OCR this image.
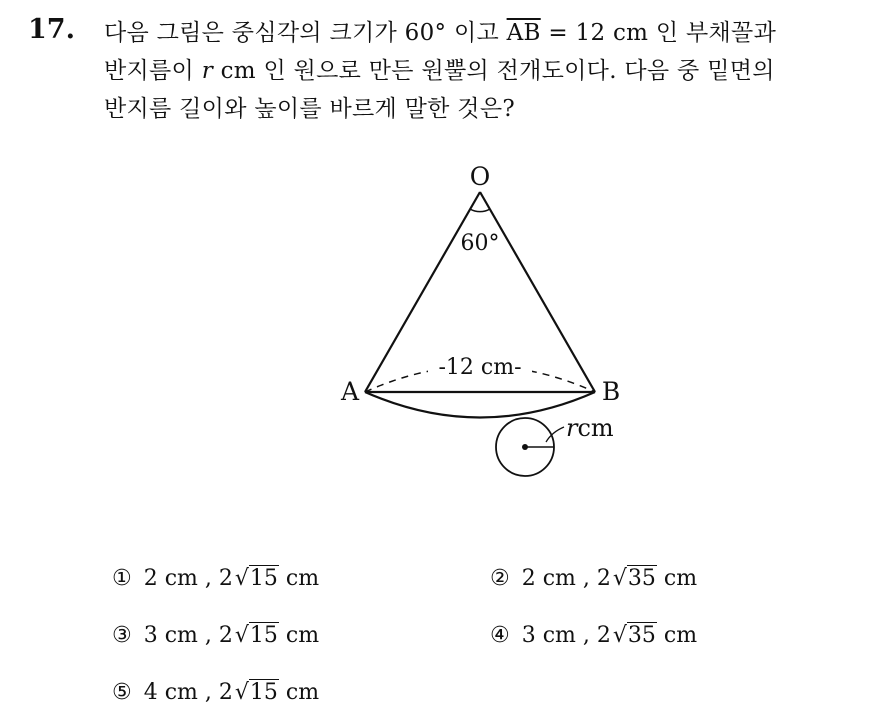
17. 다음 그림은 중심각의 크기가 60° 이고 $\overline{AB} = 12$ cm 인 부채꼴과
반지름이 r cm 인 원으로 만든 원뿔의 전개도이다. 다음 중 밑면의
반지름 길이와 높이를 바르게 말한 것은?
O
A	B
60°
-12 cm-
rcm
① 2 cm , 2√15 cm	② 2 cm , 2√35 cm
③ 3 cm , 2√15 cm	④ 3 cm , 2√35 cm
⑤ 4 cm , 2√15 cm
